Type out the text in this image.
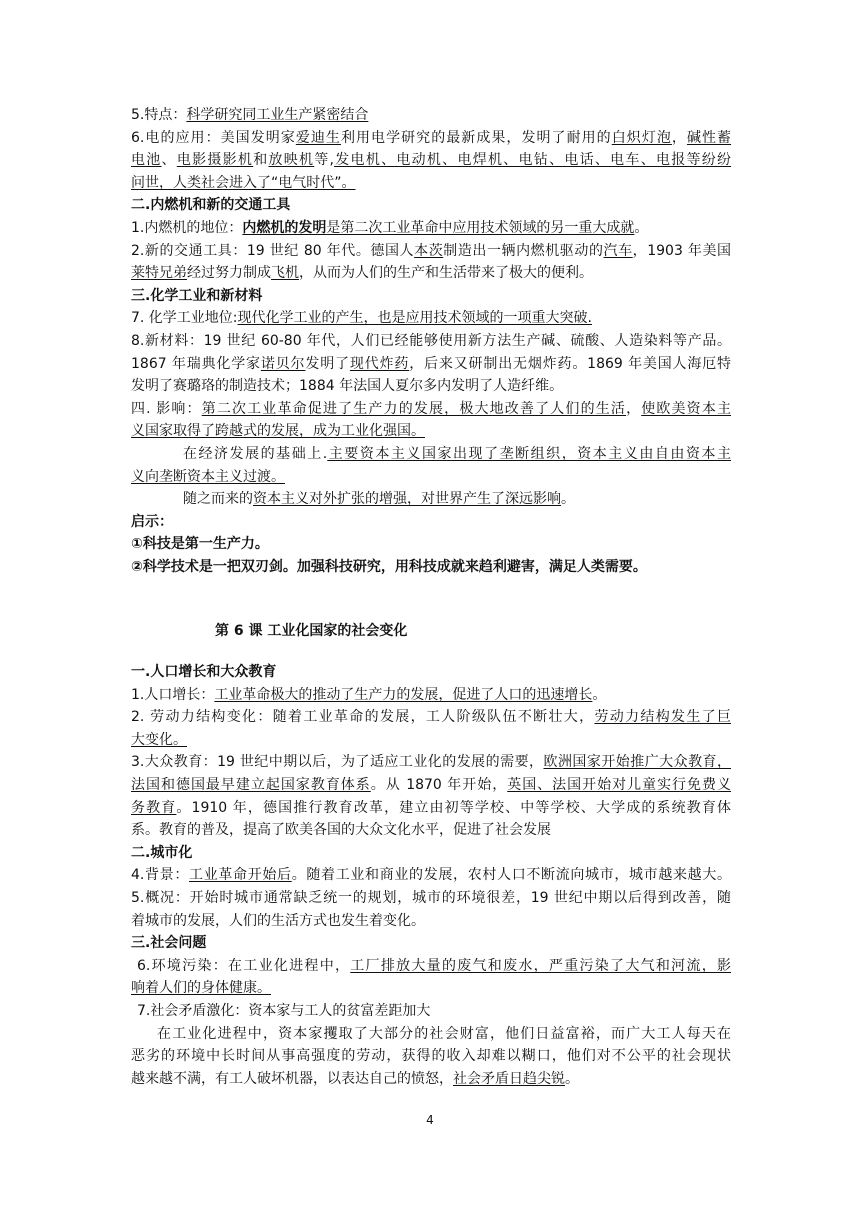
5.特点：科学研究同工业生产紧密结合
6.电的应用：美国发明家爱迪生利用电学研究的最新成果，发明了耐用的白炽灯泡，碱性蓄
电池、电影摄影机和放映机等,发电机、电动机、电焊机、电钻、电话、电车、电报等纷纷
问世，人类社会进入了“电气时代”。
二.内燃机和新的交通工具
1.内燃机的地位：内燃机的发明是第二次工业革命中应用技术领域的另一重大成就。
2.新的交通工具：19 世纪 80 年代。德国人本茨制造出一辆内燃机驱动的汽车，1903 年美国
莱特兄弟经过努力制成飞机，从而为人们的生产和生活带来了极大的便利。
三.化学工业和新材料
7. 化学工业地位:现代化学工业的产生，也是应用技术领域的一项重大突破.
8.新材料：19 世纪 60-80 年代，人们已经能够使用新方法生产碱、硫酸、人造染料等产品。
1867 年瑞典化学家诺贝尔发明了现代炸药，后来又研制出无烟炸药。1869 年美国人海厄特
发明了赛璐珞的制造技术；1884 年法国人夏尔多内发明了人造纤维。
四. 影响：第二次工业革命促进了生产力的发展，极大地改善了人们的生活，使欧美资本主
义国家取得了跨越式的发展，成为工业化强国。
在经济发展的基础上.主要资本主义国家出现了垄断组织，资本主义由自由资本主
义向垄断资本主义过渡。
随之而来的资本主义对外扩张的增强，对世界产生了深远影响。
启示：
①科技是第一生产力。
②科学技术是一把双刃剑。加强科技研究，用科技成就来趋利避害，满足人类需要。
第 6 课 工业化国家的社会变化
一.人口增长和大众教育
1.人口增长：工业革命极大的推动了生产力的发展，促进了人口的迅速增长。
2. 劳动力结构变化：随着工业革命的发展，工人阶级队伍不断壮大，劳动力结构发生了巨
大变化。
3.大众教育：19 世纪中期以后，为了适应工业化的发展的需要，欧洲国家开始推广大众教育，
法国和德国最早建立起国家教育体系。从 1870 年开始，英国、法国开始对儿童实行免费义
务教育。1910 年，德国推行教育改革，建立由初等学校、中等学校、大学成的系统教育体
系。教育的普及，提高了欧美各国的大众文化水平，促进了社会发展
二.城市化
4.背景：工业革命开始后。随着工业和商业的发展，农村人口不断流向城市，城市越来越大。
5.概况：开始时城市通常缺乏统一的规划，城市的环境很差，19 世纪中期以后得到改善，随
着城市的发展，人们的生活方式也发生着变化。
三.社会问题
6.环境污染：在工业化进程中，工厂排放大量的废气和废水，严重污染了大气和河流，影
响着人们的身体健康。
7.社会矛盾激化：资本家与工人的贫富差距加大
在工业化进程中，资本家攫取了大部分的社会财富，他们日益富裕，而广大工人每天在
恶劣的环境中长时间从事高强度的劳动，获得的收入却难以糊口，他们对不公平的社会现状
越来越不满，有工人破坏机器，以表达自己的愤怒，社会矛盾日趋尖锐。
4
